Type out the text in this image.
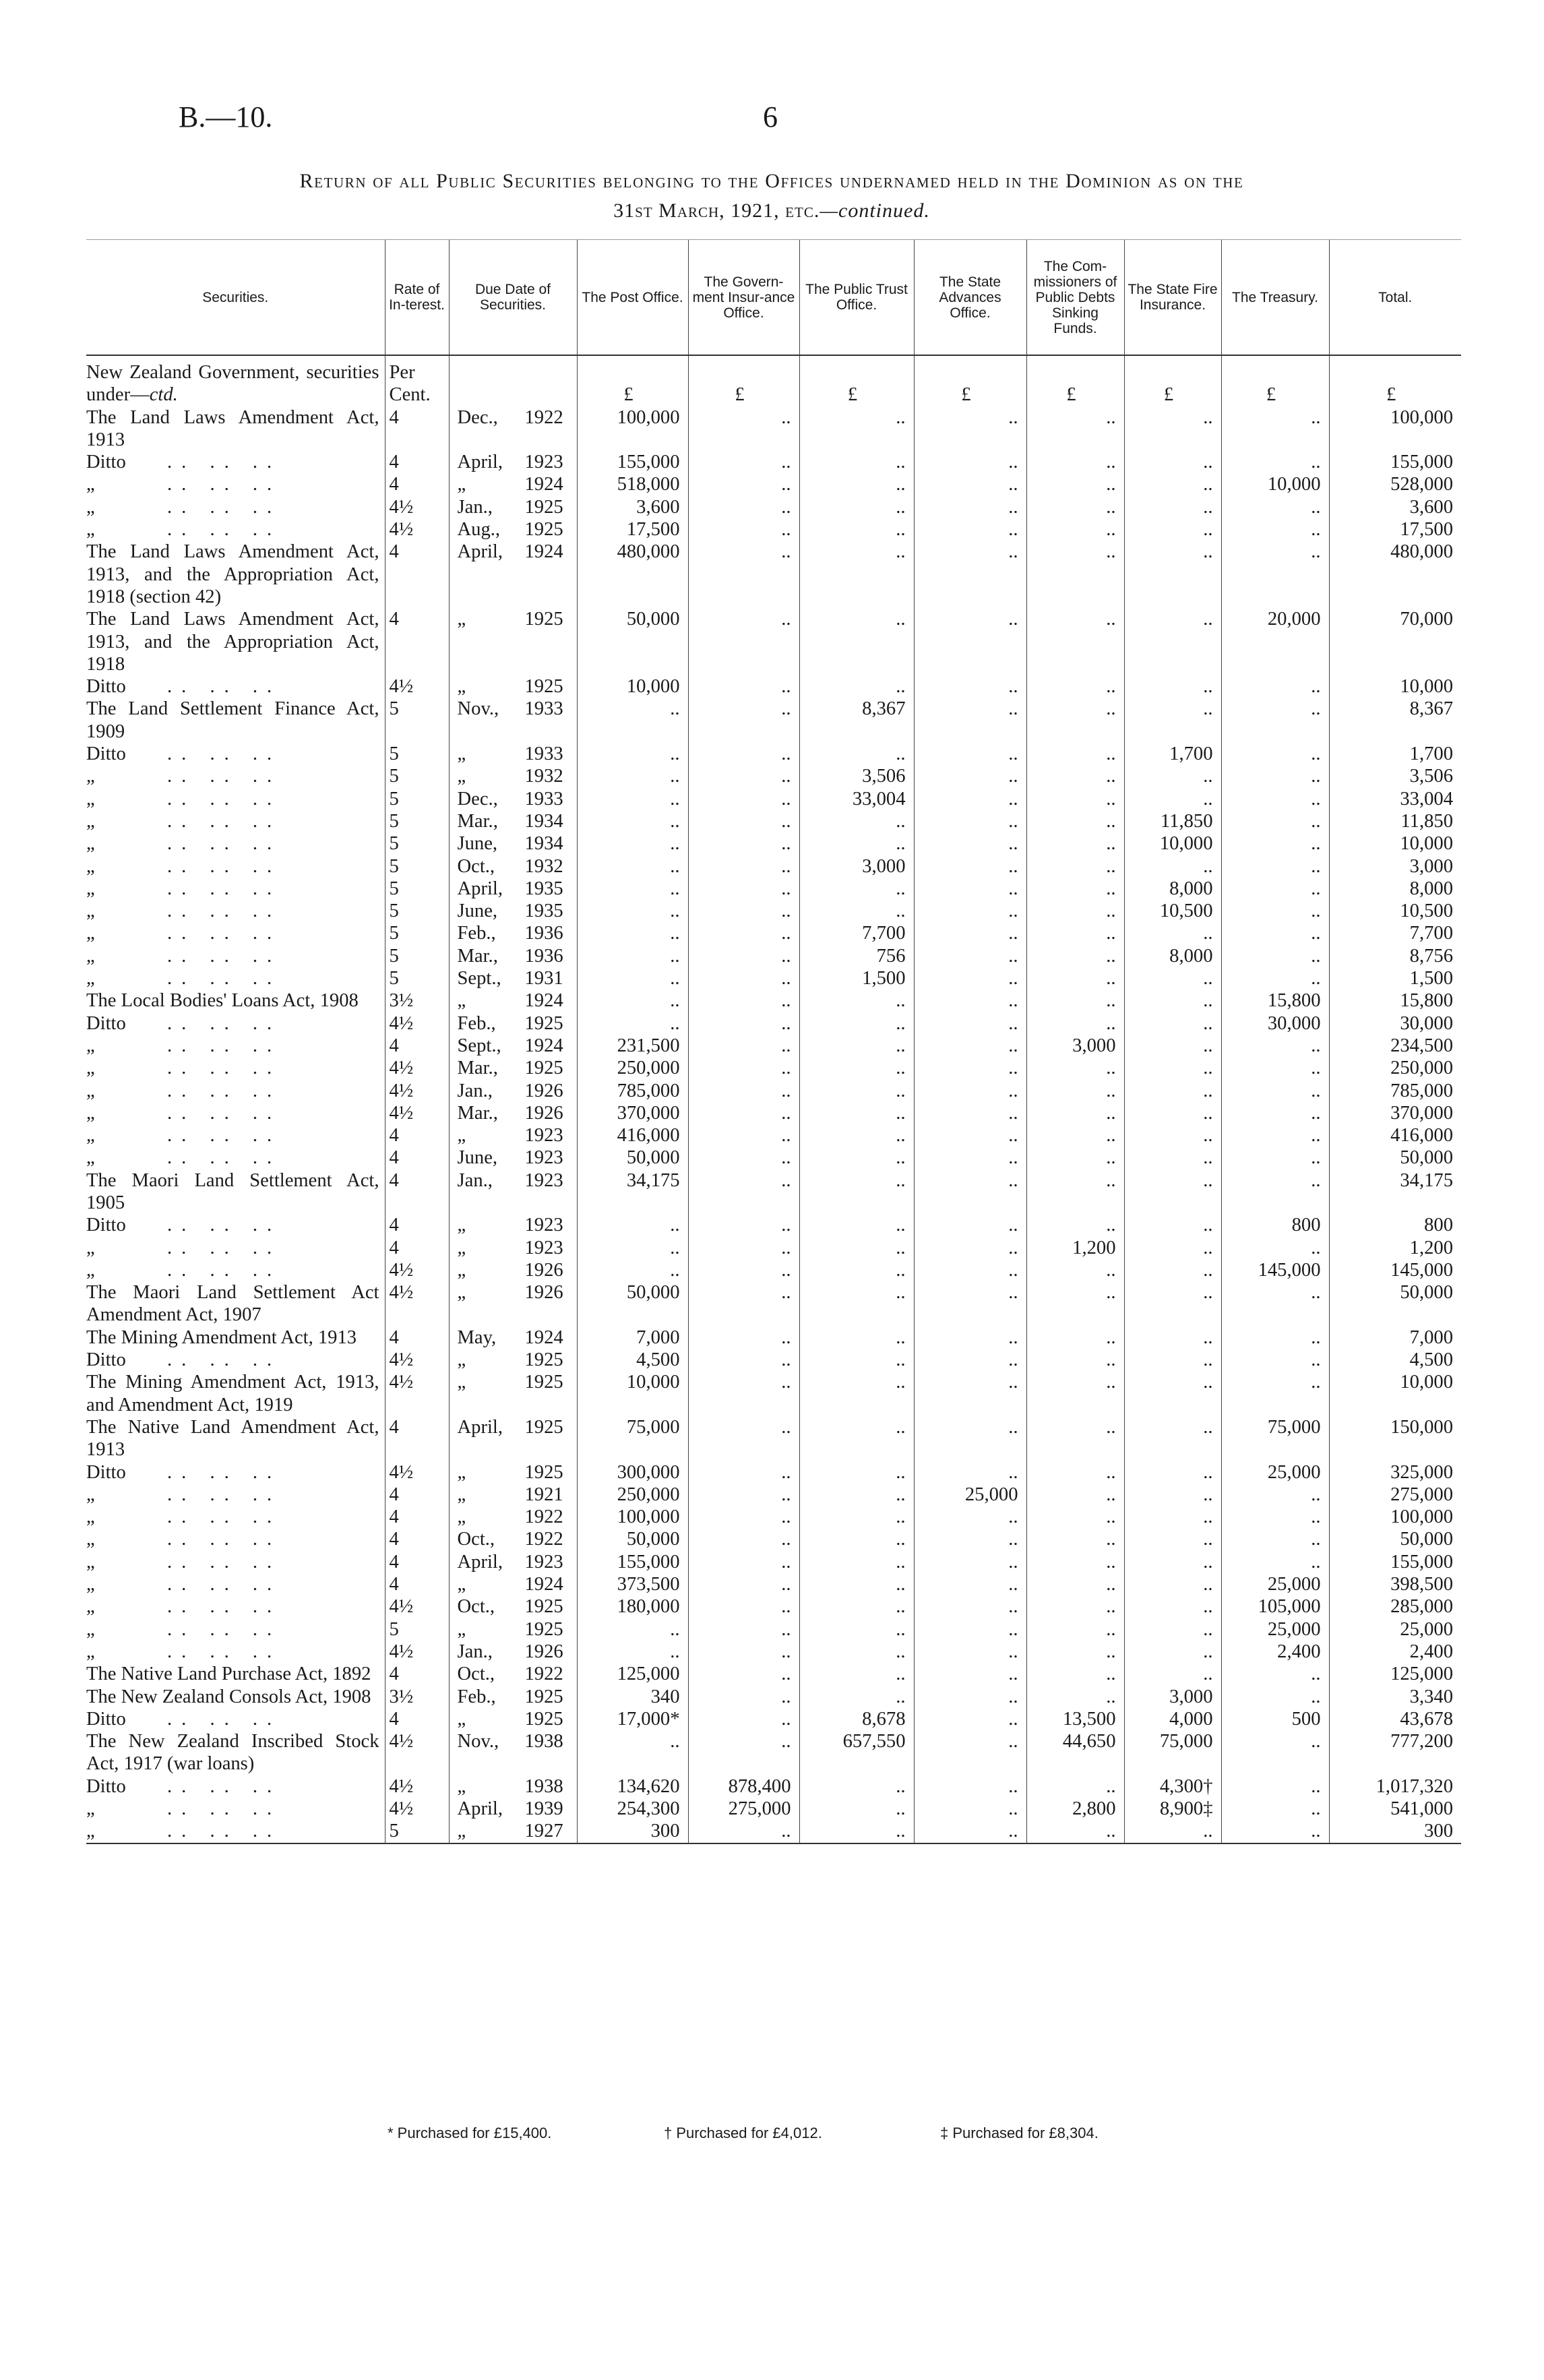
B.—10.	6
Return of all Public Securities belonging to the Offices undernamed held in the Dominion as on the
31st March, 1921, etc.—continued.
Securities.	Rate of In-terest.	Due Date of Securities.	The Post Office.	The Govern-ment Insur-ance Office.	The Public Trust Office.	The State Advances Office.	The Com-missioners of Public Debts Sinking Funds.	The State Fire Insurance.	The Treasury.	Total.
New Zealand Government, securities under—ctd.	Per Cent.		£	£	£	£	£	£	£	£
The Land Laws Amendment Act, 1913	4	Dec., 1922	100,000	..	..	..	..	..	..	100,000
Ditto .. .. ..	4	April, 1923	155,000	..	..	..	..	..	..	155,000
„ .. .. ..	4	„ 1924	518,000	..	..	..	..	..	10,000	528,000
„ .. .. ..	4½	Jan., 1925	3,600	..	..	..	..	..	..	3,600
„ .. .. ..	4½	Aug., 1925	17,500	..	..	..	..	..	..	17,500
The Land Laws Amendment Act, 1913, and the Appropriation Act, 1918 (section 42)	4	April, 1924	480,000	..	..	..	..	..	..	480,000
The Land Laws Amendment Act, 1913, and the Appropriation Act, 1918	4	„ 1925	50,000	..	..	..	..	..	20,000	70,000
Ditto .. .. ..	4½	„ 1925	10,000	..	..	..	..	..	..	10,000
The Land Settlement Finance Act, 1909	5	Nov., 1933	..	..	8,367	..	..	..	..	8,367
Ditto .. .. ..	5	„ 1933	..	..	..	..	..	1,700	..	1,700
„ .. .. ..	5	„ 1932	..	..	3,506	..	..	..	..	3,506
„ .. .. ..	5	Dec., 1933	..	..	33,004	..	..	..	..	33,004
„ .. .. ..	5	Mar., 1934	..	..	..	..	..	11,850	..	11,850
„ .. .. ..	5	June, 1934	..	..	..	..	..	10,000	..	10,000
„ .. .. ..	5	Oct., 1932	..	..	3,000	..	..	..	..	3,000
„ .. .. ..	5	April, 1935	..	..	..	..	..	8,000	..	8,000
„ .. .. ..	5	June, 1935	..	..	..	..	..	10,500	..	10,500
„ .. .. ..	5	Feb., 1936	..	..	7,700	..	..	..	..	7,700
„ .. .. ..	5	Mar., 1936	..	..	756	..	..	8,000	..	8,756
„ .. .. ..	5	Sept., 1931	..	..	1,500	..	..	..	..	1,500
The Local Bodies' Loans Act, 1908	3½	„ 1924	..	..	..	..	..	..	15,800	15,800
Ditto .. .. ..	4½	Feb., 1925	..	..	..	..	..	..	30,000	30,000
„ .. .. ..	4	Sept., 1924	231,500	..	..	..	3,000	..	..	234,500
„ .. .. ..	4½	Mar., 1925	250,000	..	..	..	..	..	..	250,000
„ .. .. ..	4½	Jan., 1926	785,000	..	..	..	..	..	..	785,000
„ .. .. ..	4½	Mar., 1926	370,000	..	..	..	..	..	..	370,000
„ .. .. ..	4	„ 1923	416,000	..	..	..	..	..	..	416,000
„ .. .. ..	4	June, 1923	50,000	..	..	..	..	..	..	50,000
The Maori Land Settlement Act, 1905	4	Jan., 1923	34,175	..	..	..	..	..	..	34,175
Ditto .. .. ..	4	„ 1923	..	..	..	..	..	..	800	800
„ .. .. ..	4	„ 1923	..	..	..	..	1,200	..	..	1,200
„ .. .. ..	4½	„ 1926	..	..	..	..	..	..	145,000	145,000
The Maori Land Settlement Act Amendment Act, 1907	4½	„ 1926	50,000	..	..	..	..	..	..	50,000
The Mining Amendment Act, 1913	4	May, 1924	7,000	..	..	..	..	..	..	7,000
Ditto .. .. ..	4½	„ 1925	4,500	..	..	..	..	..	..	4,500
The Mining Amendment Act, 1913, and Amendment Act, 1919	4½	„ 1925	10,000	..	..	..	..	..	..	10,000
The Native Land Amendment Act, 1913	4	April, 1925	75,000	..	..	..	..	..	75,000	150,000
Ditto .. .. ..	4½	„ 1925	300,000	..	..	..	..	..	25,000	325,000
„ .. .. ..	4	„ 1921	250,000	..	..	25,000	..	..	..	275,000
„ .. .. ..	4	„ 1922	100,000	..	..	..	..	..	..	100,000
„ .. .. ..	4	Oct., 1922	50,000	..	..	..	..	..	..	50,000
„ .. .. ..	4	April, 1923	155,000	..	..	..	..	..	..	155,000
„ .. .. ..	4	„ 1924	373,500	..	..	..	..	..	25,000	398,500
„ .. .. ..	4½	Oct., 1925	180,000	..	..	..	..	..	105,000	285,000
„ .. .. ..	5	„ 1925	..	..	..	..	..	..	25,000	25,000
„ .. .. ..	4½	Jan., 1926	..	..	..	..	..	..	2,400	2,400
The Native Land Purchase Act, 1892	4	Oct., 1922	125,000	..	..	..	..	..	..	125,000
The New Zealand Consols Act, 1908	3½	Feb., 1925	340	..	..	..	..	3,000	..	3,340
Ditto .. .. ..	4	„ 1925	17,000*	..	8,678	..	13,500	4,000	500	43,678
The New Zealand Inscribed Stock Act, 1917 (war loans)	4½	Nov., 1938	..	..	657,550	..	44,650	75,000	..	777,200
Ditto .. .. ..	4½	„ 1938	134,620	878,400	..	..	..	4,300†	..	1,017,320
„ .. .. ..	4½	April, 1939	254,300	275,000	..	..	2,800	8,900‡	..	541,000
„ .. .. ..	5	„ 1927	300	..	..	..	..	..	..	300
* Purchased for £15,400.	† Purchased for £4,012.	‡ Purchased for £8,304.
